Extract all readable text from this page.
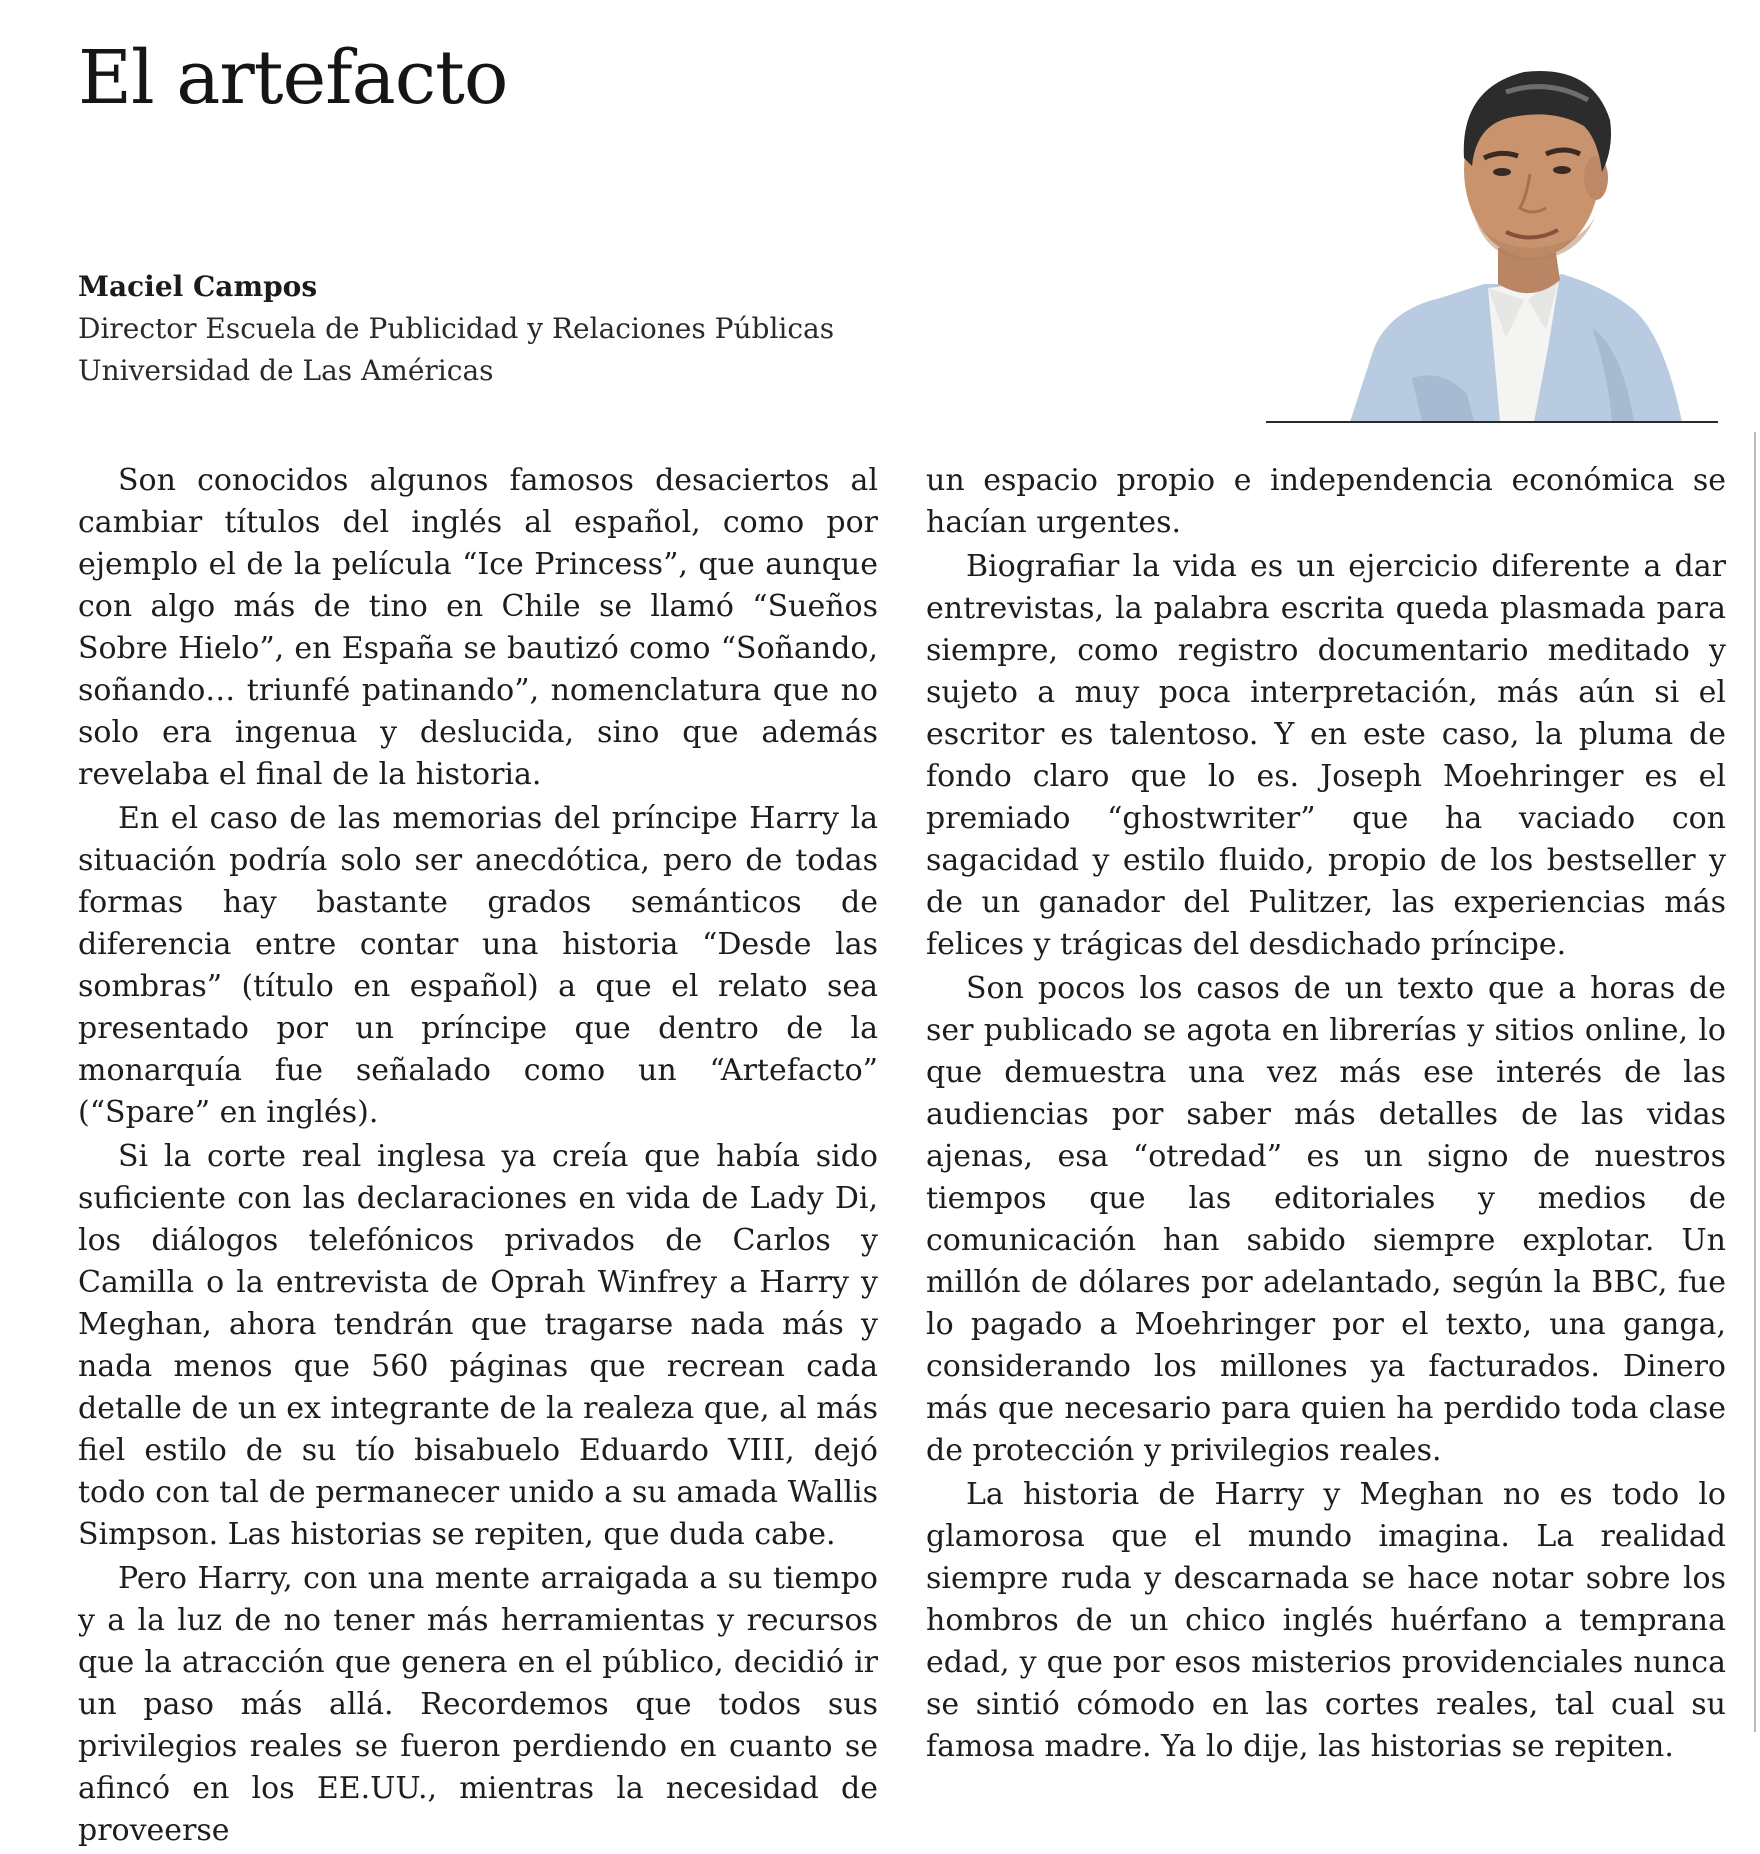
El artefacto
Maciel Campos
Director Escuela de Publicidad y Relaciones Públicas
Universidad de Las Américas

Son conocidos algunos famosos desaciertos al cambiar títulos del inglés al español, como por ejemplo el de la película “Ice Princess”, que aunque con algo más de tino en Chile se llamó “Sueños Sobre Hielo”, en España se bautizó como “Soñando, soñando… triunfé patinando”, nomenclatura que no solo era ingenua y deslucida, sino que además revelaba el final de la historia.

En el caso de las memorias del príncipe Harry la situación podría solo ser anecdótica, pero de todas formas hay bastante grados semánticos de diferencia entre contar una historia “Desde las sombras” (título en español) a que el relato sea presentado por un príncipe que dentro de la monarquía fue señalado como un “Artefacto” (“Spare” en inglés).

Si la corte real inglesa ya creía que había sido suficiente con las declaraciones en vida de Lady Di, los diálogos telefónicos privados de Carlos y Camilla o la entrevista de Oprah Winfrey a Harry y Meghan, ahora tendrán que tragarse nada más y nada menos que 560 páginas que recrean cada detalle de un ex integrante de la realeza que, al más fiel estilo de su tío bisabuelo Eduardo VIII, dejó todo con tal de permanecer unido a su amada Wallis Simpson. Las historias se repiten, que duda cabe.

Pero Harry, con una mente arraigada a su tiempo y a la luz de no tener más herramientas y recursos que la atracción que genera en el público, decidió ir un paso más allá. Recordemos que todos sus privilegios reales se fueron perdiendo en cuanto se afincó en los EE.UU., mientras la necesidad de proveerse

un espacio propio e independencia económica se hacían urgentes.

Biografiar la vida es un ejercicio diferente a dar entrevistas, la palabra escrita queda plasmada para siempre, como registro documentario meditado y sujeto a muy poca interpretación, más aún si el escritor es talentoso. Y en este caso, la pluma de fondo claro que lo es. Joseph Moehringer es el premiado “ghostwriter” que ha vaciado con sagacidad y estilo fluido, propio de los bestseller y de un ganador del Pulitzer, las experiencias más felices y trágicas del desdichado príncipe.

Son pocos los casos de un texto que a horas de ser publicado se agota en librerías y sitios online, lo que demuestra una vez más ese interés de las audiencias por saber más detalles de las vidas ajenas, esa “otredad” es un signo de nuestros tiempos que las editoriales y medios de comunicación han sabido siempre explotar. Un millón de dólares por adelantado, según la BBC, fue lo pagado a Moehringer por el texto, una ganga, considerando los millones ya facturados. Dinero más que necesario para quien ha perdido toda clase de protección y privilegios reales.

La historia de Harry y Meghan no es todo lo glamorosa que el mundo imagina. La realidad siempre ruda y descarnada se hace notar sobre los hombros de un chico inglés huérfano a temprana edad, y que por esos misterios providenciales nunca se sintió cómodo en las cortes reales, tal cual su famosa madre. Ya lo dije, las historias se repiten.
